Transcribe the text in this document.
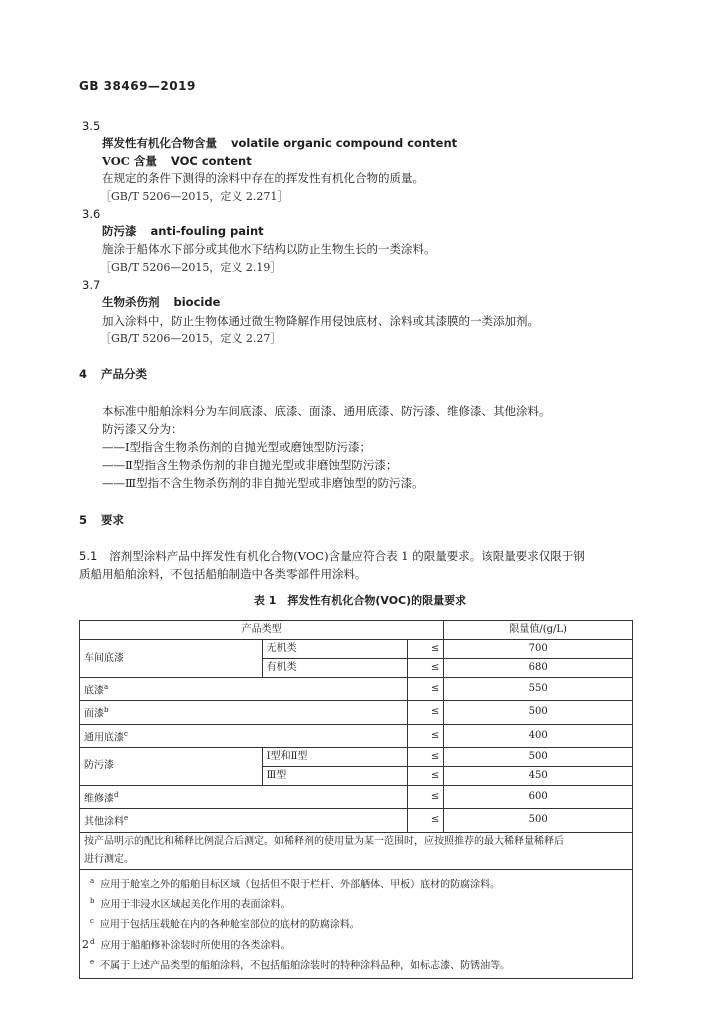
GB 38469—2019
3.5
挥发性有机化合物含量 volatile organic compound content
VOC 含量 VOC content
在规定的条件下测得的涂料中存在的挥发性有机化合物的质量。
［GB/T 5206—2015，定义 2.271］
3.6
防污漆 anti-fouling paint
施涂于船体水下部分或其他水下结构以防止生物生长的一类涂料。
［GB/T 5206—2015，定义 2.19］
3.7
生物杀伤剂 biocide
加入涂料中，防止生物体通过微生物降解作用侵蚀底材、涂料或其漆膜的一类添加剂。
［GB/T 5206—2015，定义 2.27］
4 产品分类
本标准中船舶涂料分为车间底漆、底漆、面漆、通用底漆、防污漆、维修漆、其他涂料。
防污漆又分为：
——Ⅰ型指含生物杀伤剂的自抛光型或磨蚀型防污漆；
——Ⅱ型指含生物杀伤剂的非自抛光型或非磨蚀型防污漆；
——Ⅲ型指不含生物杀伤剂的非自抛光型或非磨蚀型的防污漆。
5 要求
5.1 溶剂型涂料产品中挥发性有机化合物(VOC)含量应符合表 1 的限量要求。该限量要求仅限于钢
质船用船舶涂料，不包括船舶制造中各类零部件用涂料。
表 1　挥发性有机化合物(VOC)的限量要求
产品类型			限量值/(g/L)
车间底漆	无机类	≤	700
	有机类	≤	680
底漆$^a$		≤	550
面漆$^b$		≤	500
通用底漆$^c$		≤	400
防污漆	Ⅰ型和Ⅱ型	≤	500
	Ⅲ型	≤	450
维修漆$^d$		≤	600
其他涂料$^e$		≤	500

按产品明示的配比和稀释比例混合后测定。如稀释剂的使用量为某一范围时，应按照推荐的最大稀释量稀释后
进行测定。			

$^a$ 应用于舱室之外的船舶目标区域（包括但不限于栏杆、外部舾体、甲板）底材的防腐涂料。
$^b$ 应用于非浸水区域起美化作用的表面涂料。
$^c$ 应用于包括压载舱在内的各种舱室部位的底材的防腐涂料。
$^d$ 应用于船舶修补涂装时所使用的各类涂料。
$^e$ 不属于上述产品类型的船舶涂料，不包括船舶涂装时的特种涂料品种，如标志漆、防锈油等。			
2
